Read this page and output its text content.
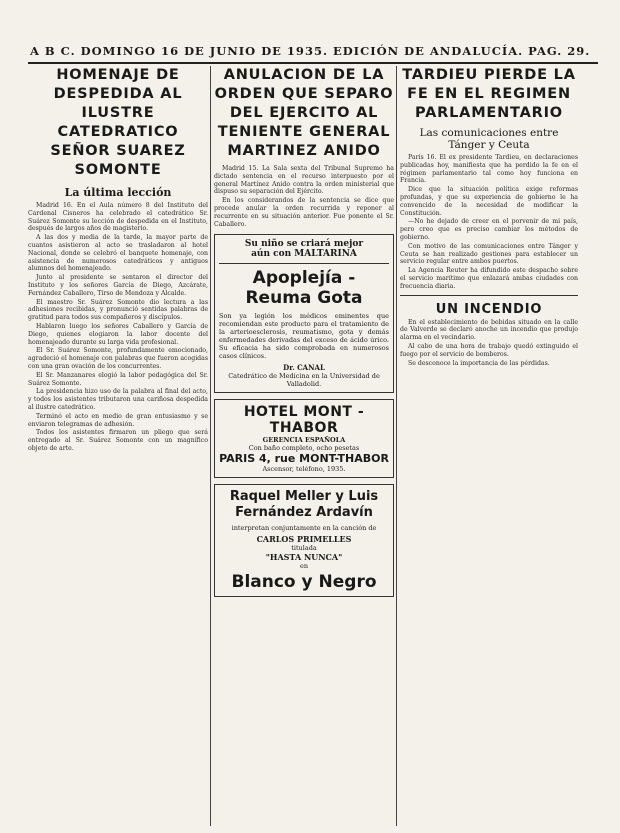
A B C. DOMINGO 16 DE JUNIO DE 1935. EDICIÓN DE ANDALUCÍA. PAG. 29.
HOMENAJE DE DESPEDIDA AL ILUSTRE CATEDRATICO SEÑOR SUAREZ SOMONTE
La última lección

Madrid 16. En el Aula número 8 del Instituto del Cardenal Cisneros ha celebrado el catedrático Sr. Suárez Somonte su lección de despedida en el Instituto, después de largos años de magisterio.

A las dos y media de la tarde, la mayor parte de cuantos asistieron al acto se trasladaron al hotel Nacional, donde se celebró el banquete homenaje, con asistencia de numerosos catedráticos y antiguos alumnos del homenajeado.

Junto al presidente se sentaron el director del Instituto y los señores García de Diego, Azcárate, Fernández Caballero, Tirso de Mendoza y Alcalde.

El maestro Sr. Suárez Somonte dio lectura a las adhesiones recibidas, y pronunció sentidas palabras de gratitud para todos sus compañeros y discípulos.

Hablaron luego los señores Caballero y García de Diego, quienes elogiaron la labor docente del homenajeado durante su larga vida profesional.

El Sr. Suárez Somonte, profundamente emocionado, agradeció el homenaje con palabras que fueron acogidas con una gran ovación de los concurrentes.

El Sr. Manzanares elogió la labor pedagógica del Sr. Suárez Somonte.

La presidencia hizo uso de la palabra al final del acto, y todos los asistentes tributaron una cariñosa despedida al ilustre catedrático.

Terminó el acto en medio de gran entusiasmo y se enviaron telegramas de adhesión.

Todos los asistentes firmaron un pliego que será entregado al Sr. Suárez Somonte con un magnífico objeto de arte.

ANULACION DE LA ORDEN QUE SEPARO DEL EJERCITO AL TENIENTE GENERAL MARTINEZ ANIDO

Madrid 15. La Sala sexta del Tribunal Supremo ha dictado sentencia en el recurso interpuesto por el general Martínez Anido contra la orden ministerial que dispuso su separación del Ejército.

En los considerandos de la sentencia se dice que procede anular la orden recurrida y reponer al recurrente en su situación anterior. Fue ponente el Sr. Caballero.

Su niño se criará mejor
aún con MALTARINA
Apoplejía - Reuma Gota
Son ya legión los médicos eminentes que recomiendan este producto para el tratamiento de la arterioesclerosis, reumatismo, gota y demás enfermedades derivadas del exceso de ácido úrico. Su eficacia ha sido comprobada en numerosos casos clínicos.
Dr. CANAL
Catedrático de Medicina en la Universidad de Valladolid.
HOTEL MONT - THABOR
GERENCIA ESPAÑOLA
Con baño completo, ocho pesetas
PARIS 4, rue MONT-THABOR
Ascensor, teléfono, 1935.
Raquel Meller y Luis Fernández Ardavín
interpretan conjuntamente en la canción de
CARLOS PRIMELLES
titulada
"HASTA NUNCA"
en
Blanco y Negro
TARDIEU PIERDE LA FE EN EL REGIMEN PARLAMENTARIO
Las comunicaciones entre Tánger y Ceuta

París 16. El ex presidente Tardieu, en declaraciones publicadas hoy, manifiesta que ha perdido la fe en el régimen parlamentario tal como hoy funciona en Francia.

Dice que la situación política exige reformas profundas, y que su experiencia de gobierno le ha convencido de la necesidad de modificar la Constitución.

—No he dejado de creer en el porvenir de mi país, pero creo que es preciso cambiar los métodos de gobierno.

Con motivo de las comunicaciones entre Tánger y Ceuta se han realizado gestiones para establecer un servicio regular entre ambos puertos.

La Agencia Reuter ha difundido este despacho sobre el servicio marítimo que enlazará ambas ciudades con frecuencia diaria.

UN INCENDIO

En el establecimiento de bebidas situado en la calle de Valverde se declaró anoche un incendio que produjo alarma en el vecindario.

Al cabo de una hora de trabajo quedó extinguido el fuego por el servicio de bomberos.

Se desconoce la importancia de las pérdidas.
